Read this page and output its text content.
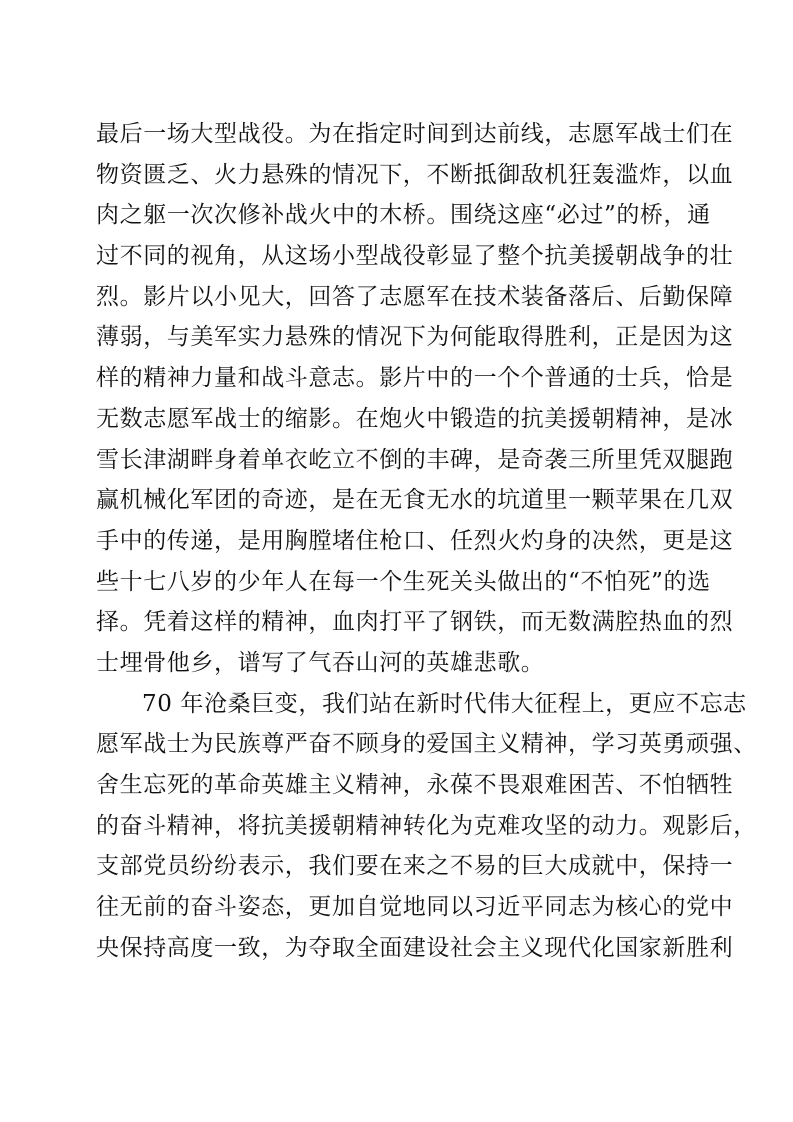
最后一场大型战役。为在指定时间到达前线，志愿军战士们在
物资匮乏、火力悬殊的情况下，不断抵御敌机狂轰滥炸，以血
肉之躯一次次修补战火中的木桥。围绕这座“必过”的桥，通
过不同的视角，从这场小型战役彰显了整个抗美援朝战争的壮
烈。影片以小见大，回答了志愿军在技术装备落后、后勤保障
薄弱，与美军实力悬殊的情况下为何能取得胜利，正是因为这
样的精神力量和战斗意志。影片中的一个个普通的士兵，恰是
无数志愿军战士的缩影。在炮火中锻造的抗美援朝精神，是冰
雪长津湖畔身着单衣屹立不倒的丰碑，是奇袭三所里凭双腿跑
赢机械化军团的奇迹，是在无食无水的坑道里一颗苹果在几双
手中的传递，是用胸膛堵住枪口、任烈火灼身的决然，更是这
些十七八岁的少年人在每一个生死关头做出的“不怕死”的选
择。凭着这样的精神，血肉打平了钢铁，而无数满腔热血的烈
士埋骨他乡，谱写了气吞山河的英雄悲歌。
70 年沧桑巨变，我们站在新时代伟大征程上，更应不忘志
愿军战士为民族尊严奋不顾身的爱国主义精神，学习英勇顽强、
舍生忘死的革命英雄主义精神，永葆不畏艰难困苦、不怕牺牲
的奋斗精神，将抗美援朝精神转化为克难攻坚的动力。观影后，
支部党员纷纷表示，我们要在来之不易的巨大成就中，保持一
往无前的奋斗姿态，更加自觉地同以习近平同志为核心的党中
央保持高度一致，为夺取全面建设社会主义现代化国家新胜利
